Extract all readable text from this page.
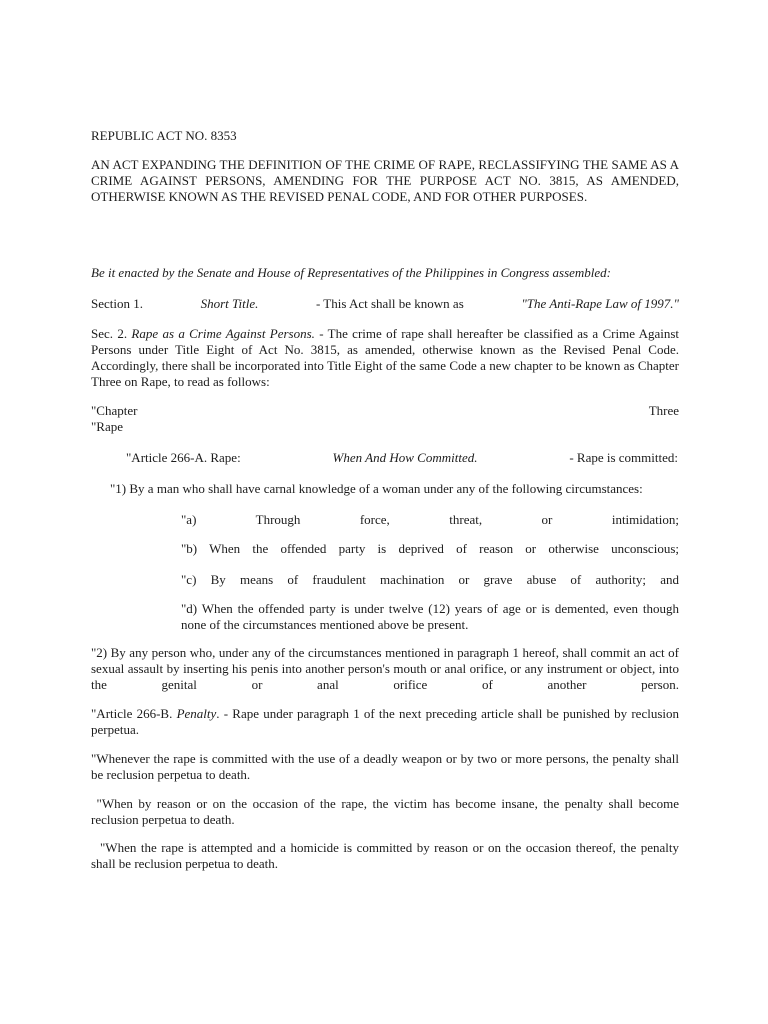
REPUBLIC ACT NO. 8353

AN ACT EXPANDING THE DEFINITION OF THE CRIME OF RAPE, RECLASSIFYING THE SAME AS A CRIME AGAINST PERSONS, AMENDING FOR THE PURPOSE ACT NO. 3815, AS AMENDED, OTHERWISE KNOWN AS THE REVISED PENAL CODE, AND FOR OTHER PURPOSES.

Be it enacted by the Senate and House of Representatives of the Philippines in Congress assembled:

Section 1.	Short Title.	- This Act shall be known as	"The Anti-Rape Law of 1997."

Sec. 2. Rape as a Crime Against Persons. - The crime of rape shall hereafter be classified as a Crime Against Persons under Title Eight of Act No. 3815, as amended, otherwise known as the Revised Penal Code. Accordingly, there shall be incorporated into Title Eight of the same Code a new chapter to be known as Chapter Three on Rape, to read as follows:

"Chapter	Three

"Rape

"Article 266-A. Rape:	When And How Committed.	- Rape is committed:

"1) By a man who shall have carnal knowledge of a woman under any of the following circumstances:

"a) Through force, threat, or intimidation;

"b) When the offended party is deprived of reason or otherwise unconscious;

"c) By means of fraudulent machination or grave abuse of authority; and

"d) When the offended party is under twelve (12) years of age or is demented, even though none of the circumstances mentioned above be present.

"2) By any person who, under any of the circumstances mentioned in paragraph 1 hereof, shall commit an act of sexual assault by inserting his penis into another person's mouth or anal orifice, or any instrument or object, into the genital or anal orifice of another person.

"Article 266-B. Penalty. - Rape under paragraph 1 of the next preceding article shall be punished by reclusion perpetua.

"Whenever the rape is committed with the use of a deadly weapon or by two or more persons, the penalty shall be reclusion perpetua to death.

"When by reason or on the occasion of the rape, the victim has become insane, the penalty shall become reclusion perpetua to death.

"When the rape is attempted and a homicide is committed by reason or on the occasion thereof, the penalty shall be reclusion perpetua to death.
